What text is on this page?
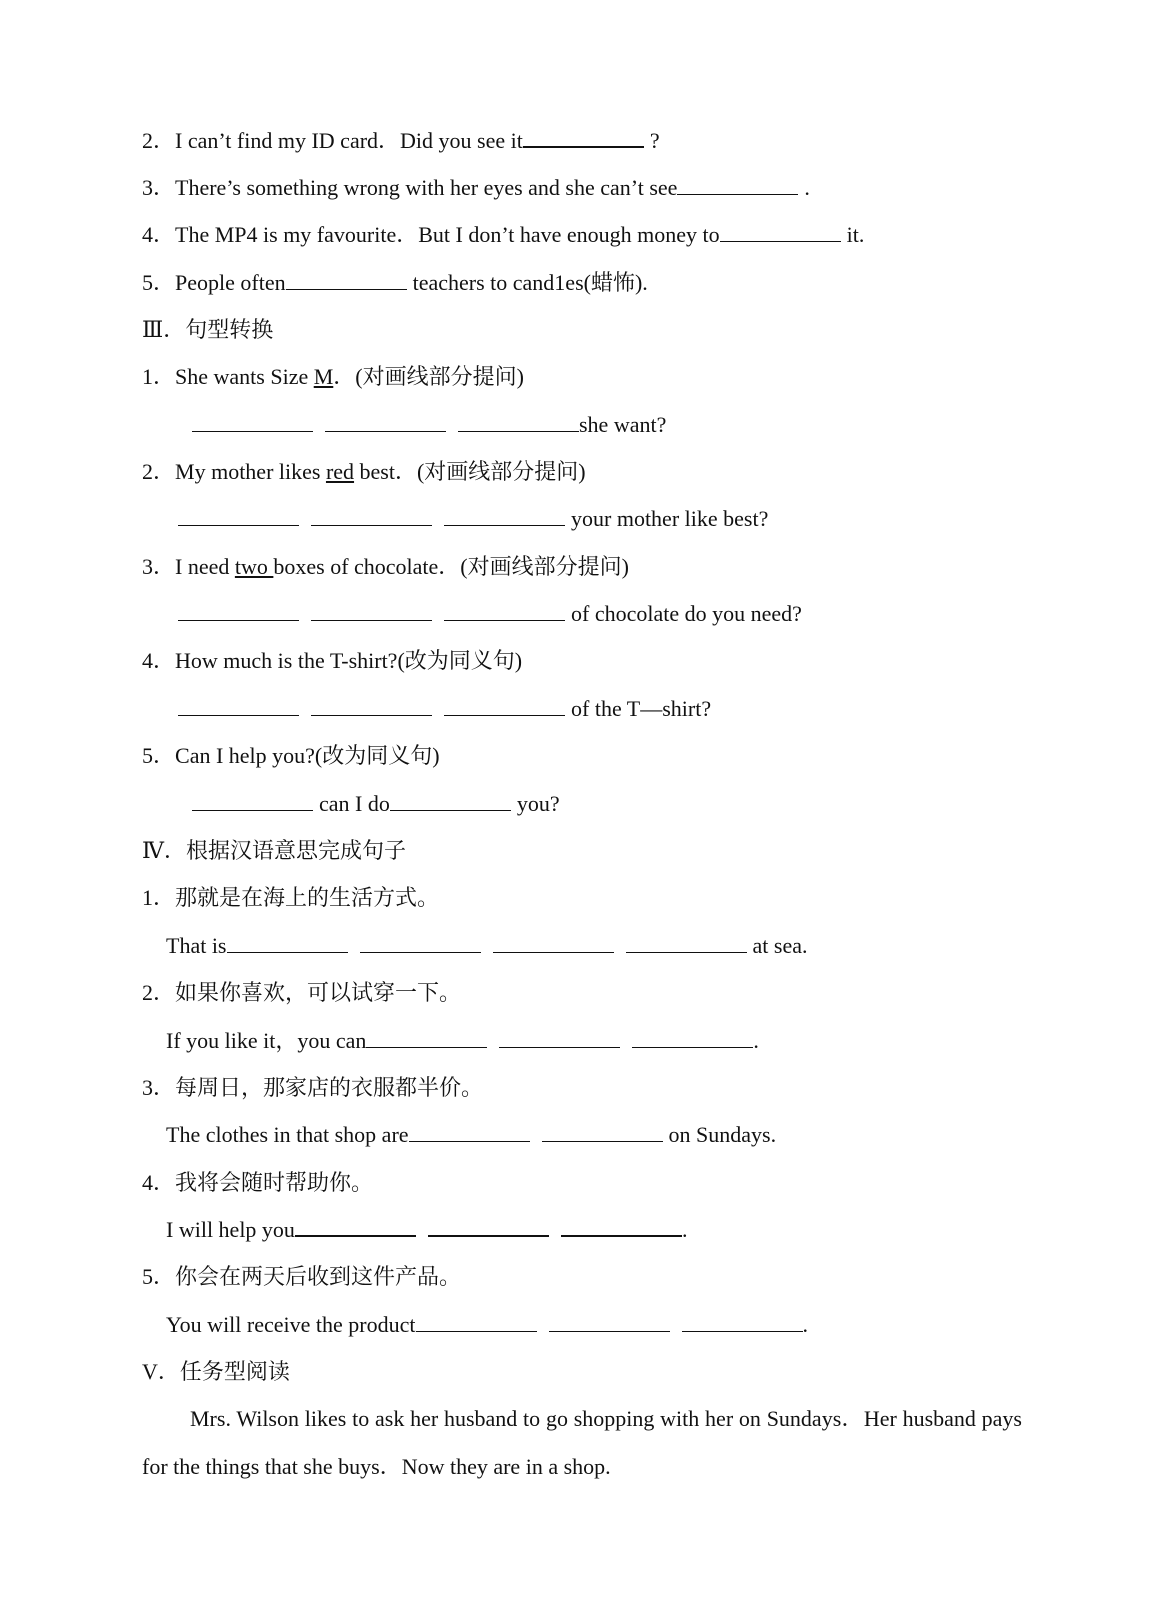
2．I can’t find my ID card．Did you see it	?
3．There’s something wrong with her eyes and she can’t see	.
4．The MP4 is my favourite．But I don’t have enough money to	it.
5．People often	teachers to cand1es(蜡怖).
Ⅲ．句型转换
1．She wants Size M．(对画线部分提问)
she want?
2．My mother likes red best．(对画线部分提问)
your mother like best?
3．I need two boxes of chocolate．(对画线部分提问)
of chocolate do you need?
4．How much is the T-shirt?(改为同义句)
of the T—shirt?
5．Can I help you?(改为同义句)
can I do	you?
Ⅳ．根据汉语意思完成句子
1．那就是在海上的生活方式。
That is	at sea.
2．如果你喜欢，可以试穿一下。
If you like it，you can	.
3．每周日，那家店的衣服都半价。
The clothes in that shop are	on Sundays.
4．我将会随时帮助你。
I will help you	.
5．你会在两天后收到这件产品。
You will receive the product	.
V．任务型阅读
Mrs. Wilson likes to ask her husband to go shopping with her on Sundays．Her husband pays for the things that she buys．Now they are in a shop.
